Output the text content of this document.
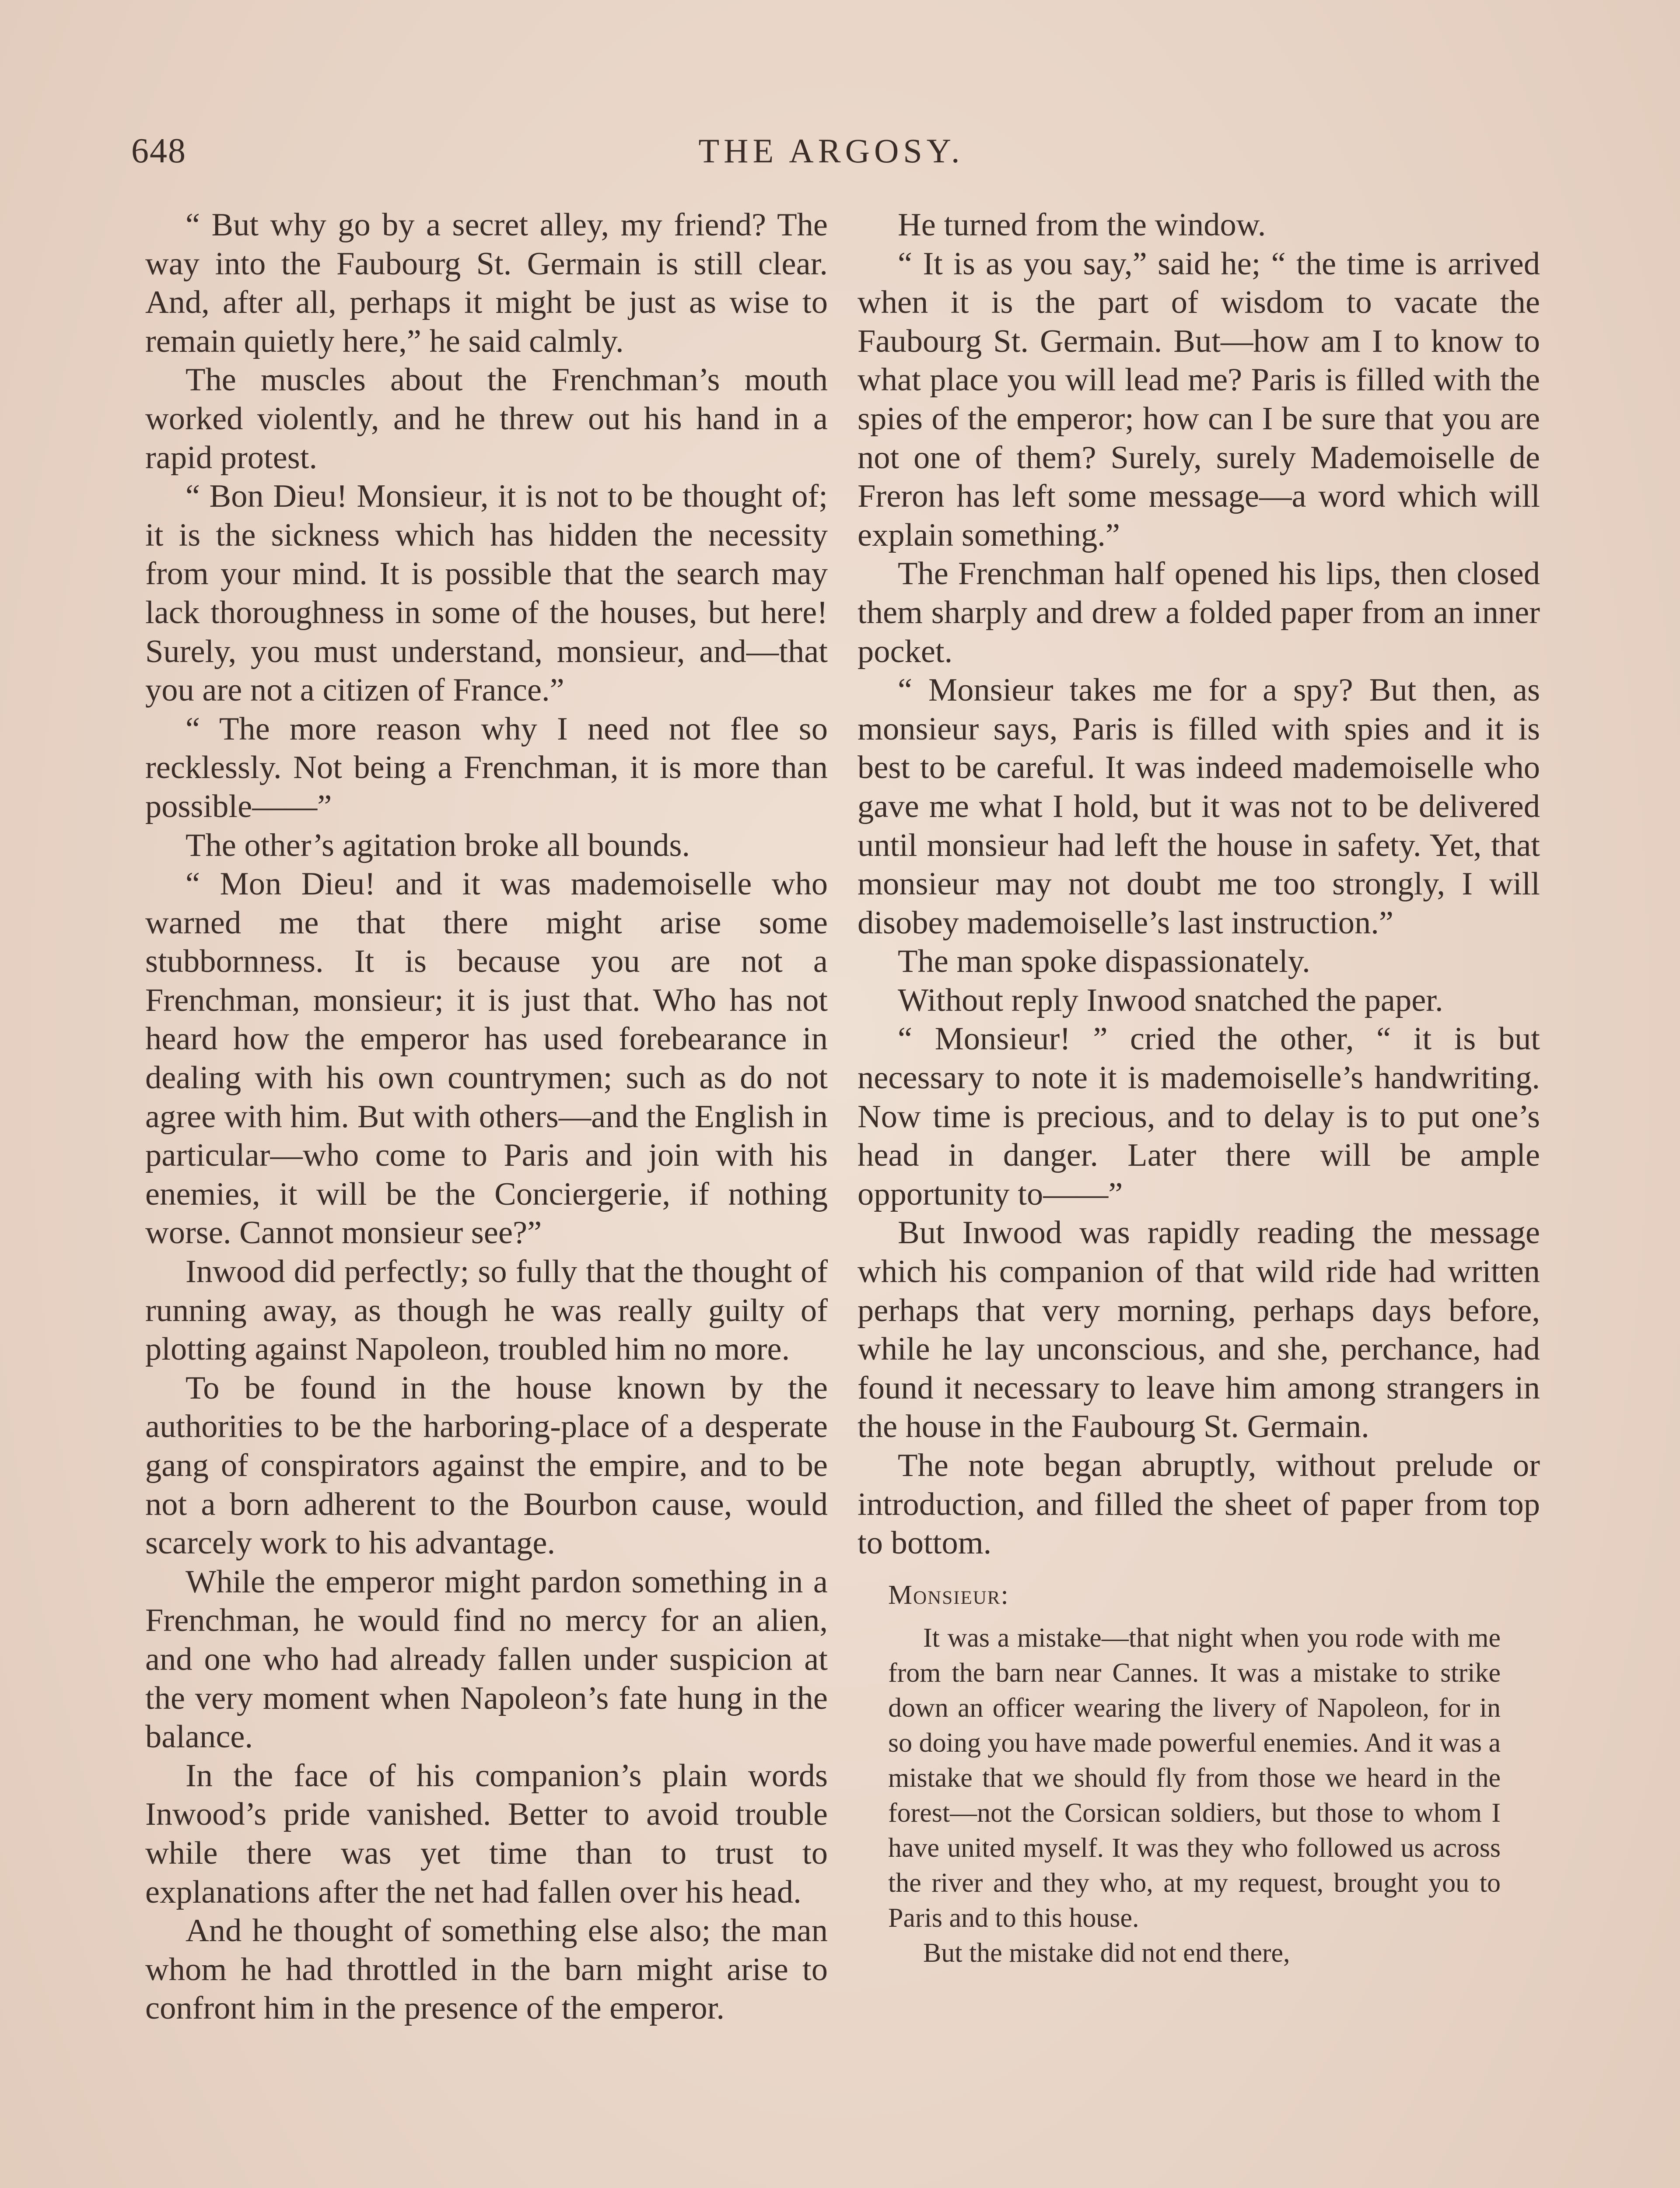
648	THE ARGOSY.

“ But why go by a secret alley, my friend? The way into the Faubourg St. Germain is still clear. And, after all, perhaps it might be just as wise to remain quietly here,” he said calmly.

The muscles about the Frenchman’s mouth worked violently, and he threw out his hand in a rapid protest.

“ Bon Dieu! Monsieur, it is not to be thought of; it is the sickness which has hidden the necessity from your mind. It is possible that the search may lack thoroughness in some of the houses, but here! Surely, you must understand, monsieur, and—that you are not a citizen of France.”

“ The more reason why I need not flee so recklessly. Not being a Frenchman, it is more than possible——”

The other’s agitation broke all bounds.

“ Mon Dieu! and it was mademoiselle who warned me that there might arise some stubbornness. It is because you are not a Frenchman, monsieur; it is just that. Who has not heard how the emperor has used forebearance in dealing with his own countrymen; such as do not agree with him. But with others—and the English in particular—who come to Paris and join with his enemies, it will be the Conciergerie, if nothing worse. Cannot monsieur see?”

Inwood did perfectly; so fully that the thought of running away, as though he was really guilty of plotting against Napoleon, troubled him no more.

To be found in the house known by the authorities to be the harboring-place of a desperate gang of conspirators against the empire, and to be not a born adherent to the Bourbon cause, would scarcely work to his advantage.

While the emperor might pardon something in a Frenchman, he would find no mercy for an alien, and one who had already fallen under suspicion at the very moment when Napoleon’s fate hung in the balance.

In the face of his companion’s plain words Inwood’s pride vanished. Better to avoid trouble while there was yet time than to trust to explanations after the net had fallen over his head.

And he thought of something else also; the man whom he had throttled in the barn might arise to confront him in the presence of the emperor.

He turned from the window.

“ It is as you say,” said he; “ the time is arrived when it is the part of wisdom to vacate the Faubourg St. Germain. But—how am I to know to what place you will lead me? Paris is filled with the spies of the emperor; how can I be sure that you are not one of them? Surely, surely Mademoiselle de Freron has left some message—a word which will explain something.”

The Frenchman half opened his lips, then closed them sharply and drew a folded paper from an inner pocket.

“ Monsieur takes me for a spy? But then, as monsieur says, Paris is filled with spies and it is best to be careful. It was indeed mademoiselle who gave me what I hold, but it was not to be delivered until monsieur had left the house in safety. Yet, that monsieur may not doubt me too strongly, I will disobey mademoiselle’s last instruction.”

The man spoke dispassionately.

Without reply Inwood snatched the paper.

“ Monsieur! ” cried the other, “ it is but necessary to note it is mademoiselle’s handwriting. Now time is precious, and to delay is to put one’s head in danger. Later there will be ample opportunity to——”

But Inwood was rapidly reading the message which his companion of that wild ride had written perhaps that very morning, perhaps days before, while he lay unconscious, and she, perchance, had found it necessary to leave him among strangers in the house in the Faubourg St. Germain.

The note began abruptly, without prelude or introduction, and filled the sheet of paper from top to bottom.

Monsieur:

It was a mistake—that night when you rode with me from the barn near Cannes. It was a mistake to strike down an officer wearing the livery of Napoleon, for in so doing you have made powerful enemies. And it was a mistake that we should fly from those we heard in the forest—not the Corsican soldiers, but those to whom I have united myself. It was they who followed us across the river and they who, at my request, brought you to Paris and to this house.

But the mistake did not end there,
